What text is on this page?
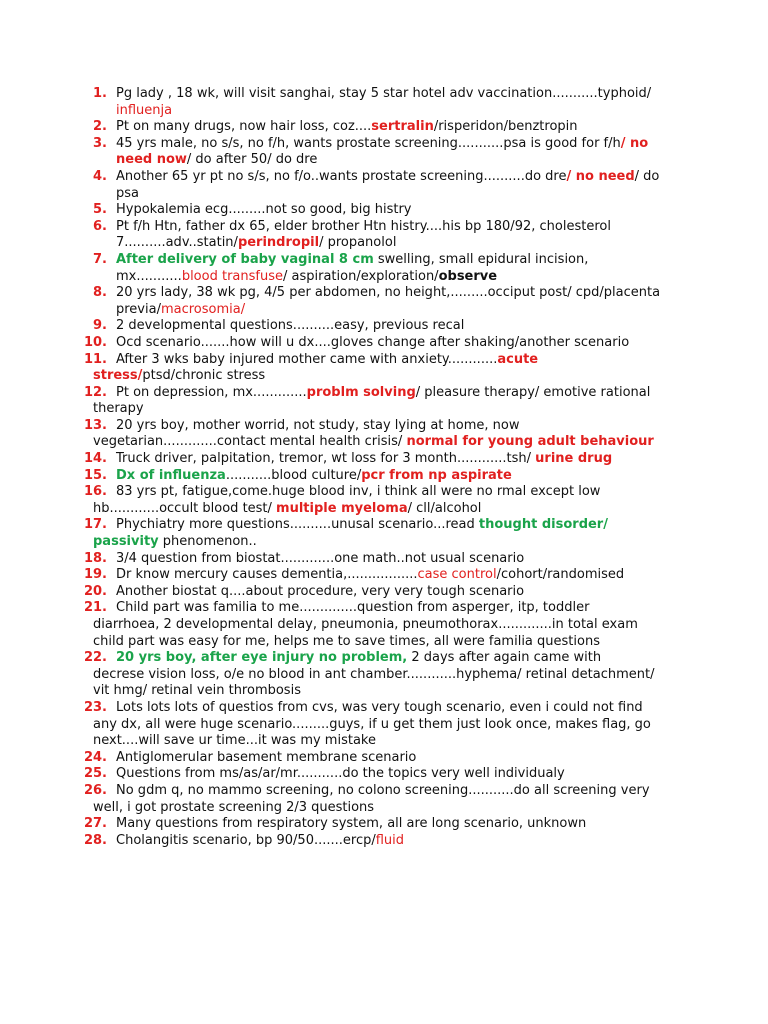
1. Pg lady , 18 wk, will visit sanghai, stay 5 star hotel adv vaccination...........typhoid/ influenja
2. Pt on many drugs, now hair loss, coz....sertralin/risperidon/benztropin
3. 45 yrs male, no s/s, no f/h, wants prostate screening...........psa is good for f/h/ no need now/ do after 50/ do dre
4. Another 65 yr pt no s/s, no f/o..wants prostate screening..........do dre/ no need/ do psa
5. Hypokalemia ecg.........not so good, big histry
6. Pt f/h Htn, father dx 65, elder brother Htn histry....his bp 180/92, cholesterol 7..........adv..statin/perindropil/ propanolol
7. After delivery of baby vaginal 8 cm swelling, small epidural incision, mx...........blood transfuse/ aspiration/exploration/observe
8. 20 yrs lady, 38 wk pg, 4/5 per abdomen, no height,.........occiput post/ cpd/placenta previa/macrosomia/
9. 2 developmental questions..........easy, previous recal
10. Ocd scenario.......how will u dx....gloves change after shaking/another scenario
11. After 3 wks baby injured mother came with anxiety............acute stress/ptsd/chronic stress
12. Pt on depression, mx.............problm solving/ pleasure therapy/ emotive rational therapy
13. 20 yrs boy, mother worrid, not study, stay lying at home, now vegetarian.............contact mental health crisis/ normal for young adult behaviour
14. Truck driver, palpitation, tremor, wt loss for 3 month............tsh/ urine drug
15. Dx of influenza...........blood culture/pcr from np aspirate
16. 83 yrs pt, fatigue,come.huge blood inv, i think all were no rmal except low hb............occult blood test/ multiple myeloma/ cll/alcohol
17. Phychiatry more questions..........unusal scenario...read thought disorder/ passivity phenomenon..
18. 3/4 question from biostat.............one math..not usual scenario
19. Dr know mercury causes dementia,.................case control/cohort/randomised
20. Another biostat q....about procedure, very very tough scenario
21. Child part was familia to me..............question from asperger, itp, toddler diarrhoea, 2 developmental delay, pneumonia, pneumothorax.............in total exam child part was easy for me, helps me to save times, all were familia questions
22. 20 yrs boy, after eye injury no problem, 2 days after again came with decrese vision loss, o/e no blood in ant chamber............hyphema/ retinal detachment/ vit hmg/ retinal vein thrombosis
23. Lots lots lots of questios from cvs, was very tough scenario, even i could not find any dx, all were huge scenario.........guys, if u get them just look once, makes flag, go next....will save ur time...it was my mistake
24. Antiglomerular basement membrane scenario
25. Questions from ms/as/ar/mr...........do the topics very well individualy
26. No gdm q, no mammo screening, no colono screening...........do all screening very well, i got prostate screening 2/3 questions
27. Many questions from respiratory system, all are long scenario, unknown
28. Cholangitis scenario, bp 90/50.......ercp/fluid
